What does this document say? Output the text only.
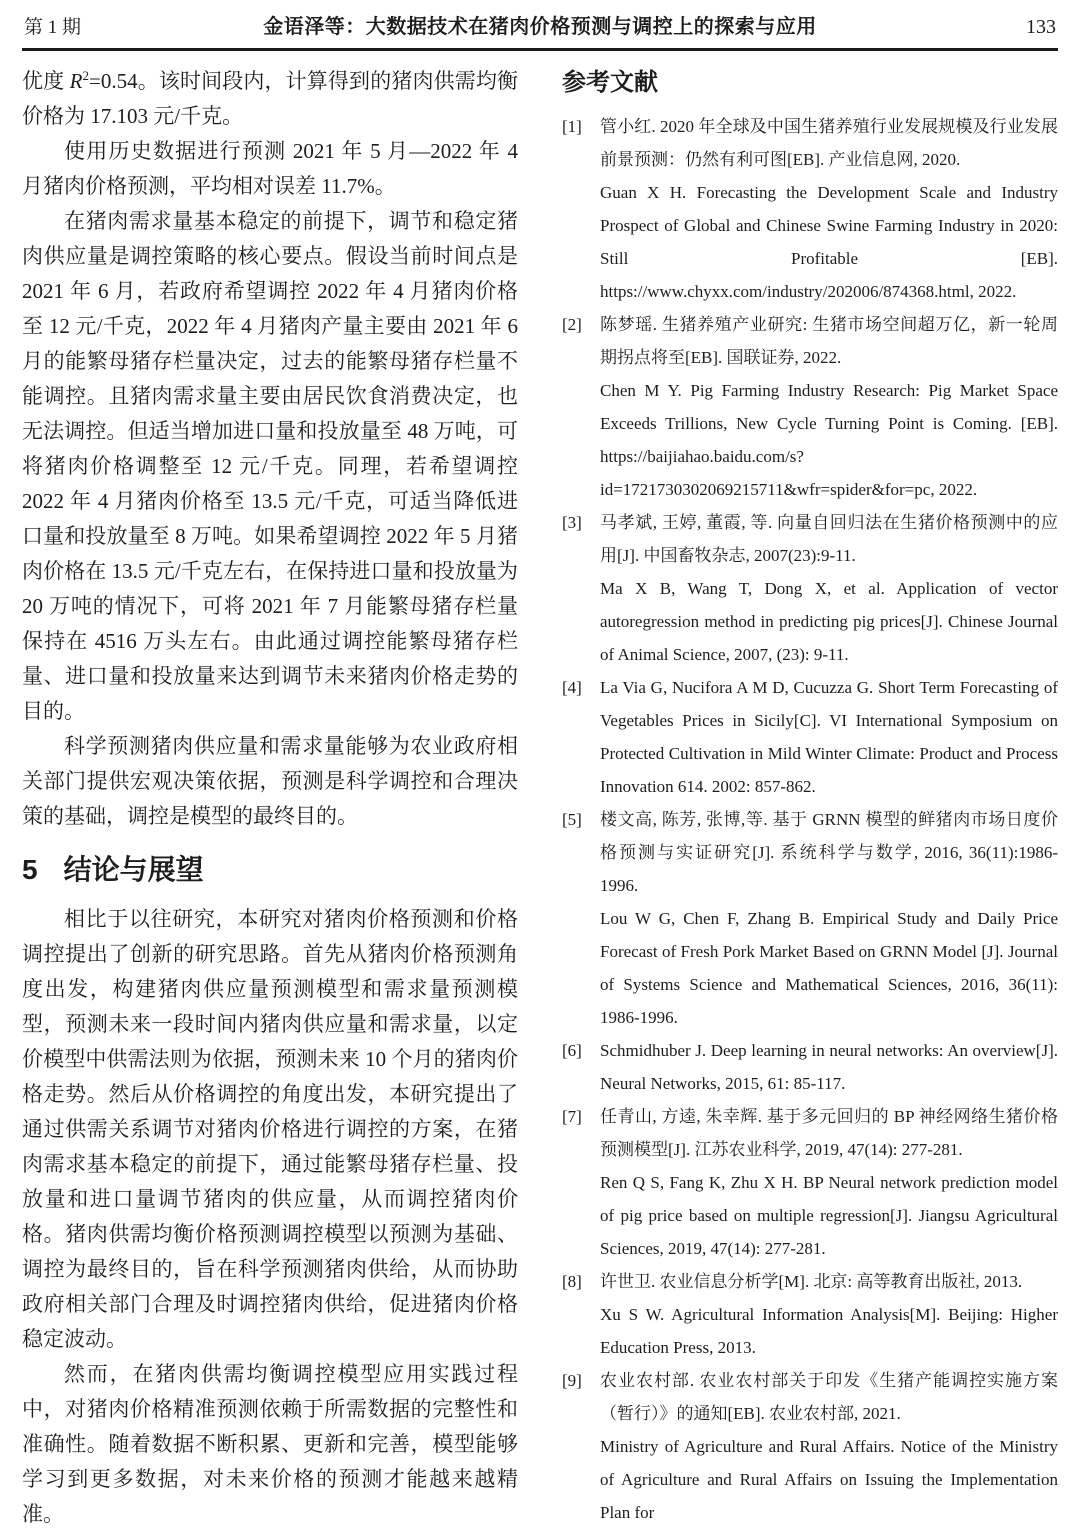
第 1 期	金语泽等：大数据技术在猪肉价格预测与调控上的探索与应用	133

优度 $R^2=0.54$。该时间段内，计算得到的猪肉供需均衡价格为 17.103 元/千克。

使用历史数据进行预测 2021 年 5 月—2022 年 4 月猪肉价格预测，平均相对误差 11.7%。

在猪肉需求量基本稳定的前提下，调节和稳定猪肉供应量是调控策略的核心要点。假设当前时间点是 2021 年 6 月，若政府希望调控 2022 年 4 月猪肉价格至 12 元/千克，2022 年 4 月猪肉产量主要由 2021 年 6 月的能繁母猪存栏量决定，过去的能繁母猪存栏量不能调控。且猪肉需求量主要由居民饮食消费决定，也无法调控。但适当增加进口量和投放量至 48 万吨，可将猪肉价格调整至 12 元/千克。同理，若希望调控 2022 年 4 月猪肉价格至 13.5 元/千克，可适当降低进口量和投放量至 8 万吨。如果希望调控 2022 年 5 月猪肉价格在 13.5 元/千克左右，在保持进口量和投放量为 20 万吨的情况下，可将 2021 年 7 月能繁母猪存栏量保持在 4516 万头左右。由此通过调控能繁母猪存栏量、进口量和投放量来达到调节未来猪肉价格走势的目的。

科学预测猪肉供应量和需求量能够为农业政府相关部门提供宏观决策依据，预测是科学调控和合理决策的基础，调控是模型的最终目的。

5 结论与展望

相比于以往研究，本研究对猪肉价格预测和价格调控提出了创新的研究思路。首先从猪肉价格预测角度出发，构建猪肉供应量预测模型和需求量预测模型，预测未来一段时间内猪肉供应量和需求量，以定价模型中供需法则为依据，预测未来 10 个月的猪肉价格走势。然后从价格调控的角度出发，本研究提出了通过供需关系调节对猪肉价格进行调控的方案，在猪肉需求基本稳定的前提下，通过能繁母猪存栏量、投放量和进口量调节猪肉的供应量，从而调控猪肉价格。猪肉供需均衡价格预测调控模型以预测为基础、调控为最终目的，旨在科学预测猪肉供给，从而协助政府相关部门合理及时调控猪肉供给，促进猪肉价格稳定波动。

然而，在猪肉供需均衡调控模型应用实践过程中，对猪肉价格精准预测依赖于所需数据的完整性和准确性。随着数据不断积累、更新和完善，模型能够学习到更多数据，对未来价格的预测才能越来越精准。

参考文献
[1]	管小红. 2020 年全球及中国生猪养殖行业发展规模及行业发展前景预测：仍然有利可图[EB]. 产业信息网, 2020.
Guan X H. Forecasting the Development Scale and Industry Prospect of Global and Chinese Swine Farming Industry in 2020: Still Profitable [EB]. https://www.chyxx.com/industry/202006/874368.html, 2022.
[2]	陈梦瑶. 生猪养殖产业研究: 生猪市场空间超万亿，新一轮周期拐点将至[EB]. 国联证券, 2022.
Chen M Y. Pig Farming Industry Research: Pig Market Space Exceeds Trillions, New Cycle Turning Point is Coming. [EB]. https://baijiahao.baidu.com/s?id=1721730302069215711&wfr=spider&for=pc, 2022.
[3]	马孝斌, 王婷, 董霞, 等. 向量自回归法在生猪价格预测中的应用[J]. 中国畜牧杂志, 2007(23):9-11.
Ma X B, Wang T, Dong X, et al. Application of vector autoregression method in predicting pig prices[J]. Chinese Journal of Animal Science, 2007, (23): 9-11.
[4]	La Via G, Nucifora A M D, Cucuzza G. Short Term Forecasting of Vegetables Prices in Sicily[C]. VI International Symposium on Protected Cultivation in Mild Winter Climate: Product and Process Innovation 614. 2002: 857-862.
[5]	楼文高, 陈芳, 张博,等. 基于 GRNN 模型的鲜猪肉市场日度价格预测与实证研究[J]. 系统科学与数学, 2016, 36(11):1986-1996.
Lou W G, Chen F, Zhang B. Empirical Study and Daily Price Forecast of Fresh Pork Market Based on GRNN Model [J]. Journal of Systems Science and Mathematical Sciences, 2016, 36(11): 1986-1996.
[6]	Schmidhuber J. Deep learning in neural networks: An overview[J]. Neural Networks, 2015, 61: 85-117.
[7]	任青山, 方逵, 朱幸辉. 基于多元回归的 BP 神经网络生猪价格预测模型[J]. 江苏农业科学, 2019, 47(14): 277-281.
Ren Q S, Fang K, Zhu X H. BP Neural network prediction model of pig price based on multiple regression[J]. Jiangsu Agricultural Sciences, 2019, 47(14): 277-281.
[8]	许世卫. 农业信息分析学[M]. 北京: 高等教育出版社, 2013.
Xu S W. Agricultural Information Analysis[M]. Beijing: Higher Education Press, 2013.
[9]	农业农村部. 农业农村部关于印发《生猪产能调控实施方案（暂行）》的通知[EB]. 农业农村部, 2021.
Ministry of Agriculture and Rural Affairs. Notice of the Ministry of Agriculture and Rural Affairs on Issuing the Implementation Plan for
